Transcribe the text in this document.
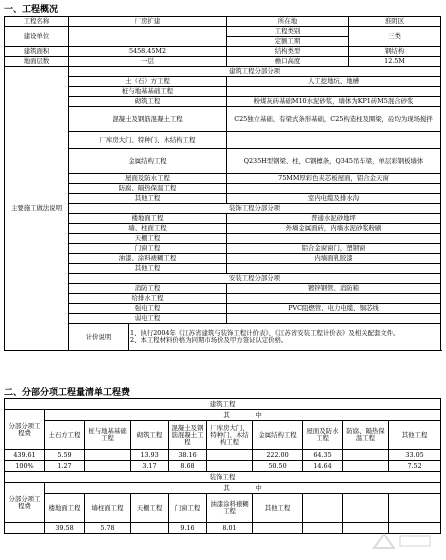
一、工程概况
工程名称	厂房扩建		所在地	淮阴区
建设单位			工程类别	三类
			定额工期	
建筑面积	5458.45M2		结构类型	钢结构
地面层数	一层		檐口高度	12.5M
主要施工做法说明	建筑工程分部分项			
	土（石）方工程		人工挖地坑、地槽	
	桩与地基基础工程			
	砌筑工程		粉煤灰砖基础M10水泥砂浆，墙体为KP1砖M5混合砂浆	
	混凝土及钢筋混凝土工程		C25独立基础、有梁式条形基础，C25构造柱及圈梁，砼均为现场搅拌	
	厂库房大门、特种门、木结构工程			
	金属结构工程		Q235H型钢梁、柱，C钢檩条，Q345吊车梁，单层彩钢板墙体	
	屋面及防水工程		75MM厚彩色夹芯板屋面，铝合金天窗	
	防腐、隔热保温工程			
	其他工程		室内电缆及排水沟	
	装饰工程分部分项			
	楼地面工程		普通水泥砂地坪	
	墙、柱面工程		外墙金属面砖，内墙水泥砂浆粉刷	
	天棚工程			
	门窗工程		铝合金窗窗门，塑钢窗	
	油漆、涂料裱糊工程		内墙面乳胶漆	
	其他工程			
	安装工程分部分项			
	消防工程		镀锌钢管、消防箱	
	给排水工程			
	强电工程		PVC阻燃管、电力电缆、铜芯线	
	弱电工程			
	计价说明	1、执行2004年《江苏省建筑与装饰工程计价表》、《江苏省安装工程计价表》及相关配套文件。
2、本工程材料价格为同期市场价及甲方签证认定价格。		
二、分部分项工程量清单工程费
建筑工程									
分部分项工程费	其     中								
	土石方工程	桩与地基基础工程	砌筑工程	混凝土及钢筋混凝土工程	厂库房大门、特种门、木结构工程	金属结构工程	屋面及防水工程	防腐、隔热保温工程	其他工程
439.61	5.59		13.93	38.16		222.00	64.35		33.05
100%	1.27		3.17	8.68		50.50	14.64		7.52
装饰工程									
分部分项工程费	其     中								
	楼地面工程	墙柱面工程	天棚工程	门窗工程	油漆涂料裱糊工程	其他工程			
	39.58	5.78		9.16	8.01				
